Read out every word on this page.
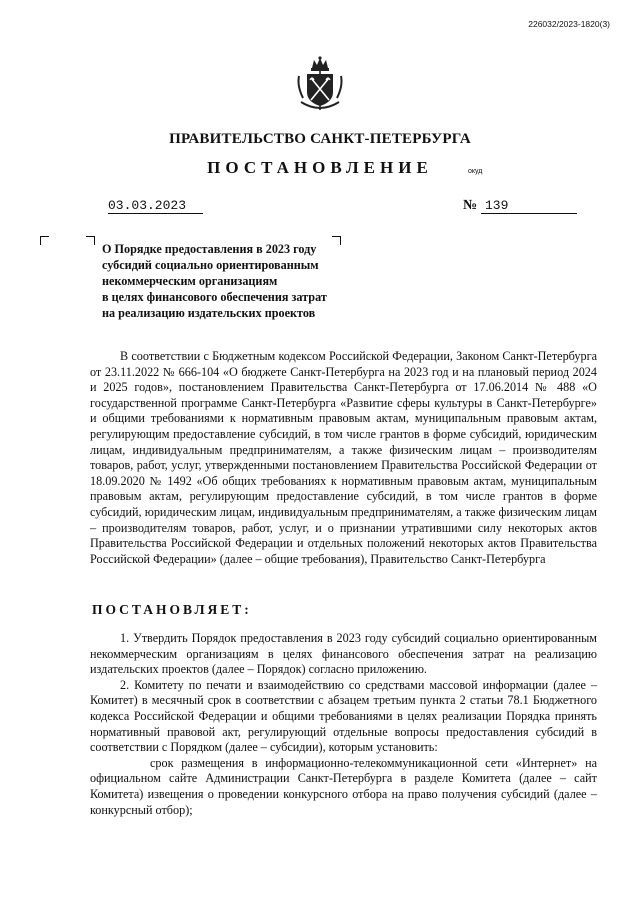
226032/2023-1820(3)
ПРАВИТЕЛЬСТВО САНКТ-ПЕТЕРБУРГА
ПОСТАНОВЛЕНИЕ	окуд
03.03.2023	№ 139
О Порядке предоставления в 2023 году
субсидий социально ориентированным
некоммерческим организациям
в целях финансового обеспечения затрат
на реализацию издательских проектов

В соответствии с Бюджетным кодексом Российской Федерации, Законом Санкт-Петербурга от 23.11.2022 № 666-104 «О бюджете Санкт-Петербурга на 2023 год и на плановый период 2024 и 2025 годов», постановлением Правительства Санкт-Петербурга от 17.06.2014 № 488 «О государственной программе Санкт-Петербурга «Развитие сферы культуры в Санкт-Петербурге» и общими требованиями к нормативным правовым актам, муниципальным правовым актам, регулирующим предоставление субсидий, в том числе грантов в форме субсидий, юридическим лицам, индивидуальным предпринимателям, а также физическим лицам – производителям товаров, работ, услуг, утвержденными постановлением Правительства Российской Федерации от 18.09.2020 № 1492 «Об общих требованиях к нормативным правовым актам, муниципальным правовым актам, регулирующим предоставление субсидий, в том числе грантов в форме субсидий, юридическим лицам, индивидуальным предпринимателям, а также физическим лицам – производителям товаров, работ, услуг, и о признании утратившими силу некоторых актов Правительства Российской Федерации и отдельных положений некоторых актов Правительства Российской Федерации» (далее – общие требования), Правительство Санкт-Петербурга

ПОСТАНОВЛЯЕТ:

1. Утвердить Порядок предоставления в 2023 году субсидий социально ориентированным некоммерческим организациям в целях финансового обеспечения затрат на реализацию издательских проектов (далее – Порядок) согласно приложению.

2. Комитету по печати и взаимодействию со средствами массовой информации (далее – Комитет) в месячный срок в соответствии с абзацем третьим пункта 2 статьи 78.1 Бюджетного кодекса Российской Федерации и общими требованиями в целях реализации Порядка принять нормативный правовой акт, регулирующий отдельные вопросы предоставления субсидий в соответствии с Порядком (далее – субсидии), которым установить:

срок размещения в информационно-телекоммуникационной сети «Интернет» на официальном сайте Администрации Санкт-Петербурга в разделе Комитета (далее – сайт Комитета) извещения о проведении конкурсного отбора на право получения субсидий (далее – конкурсный отбор);
